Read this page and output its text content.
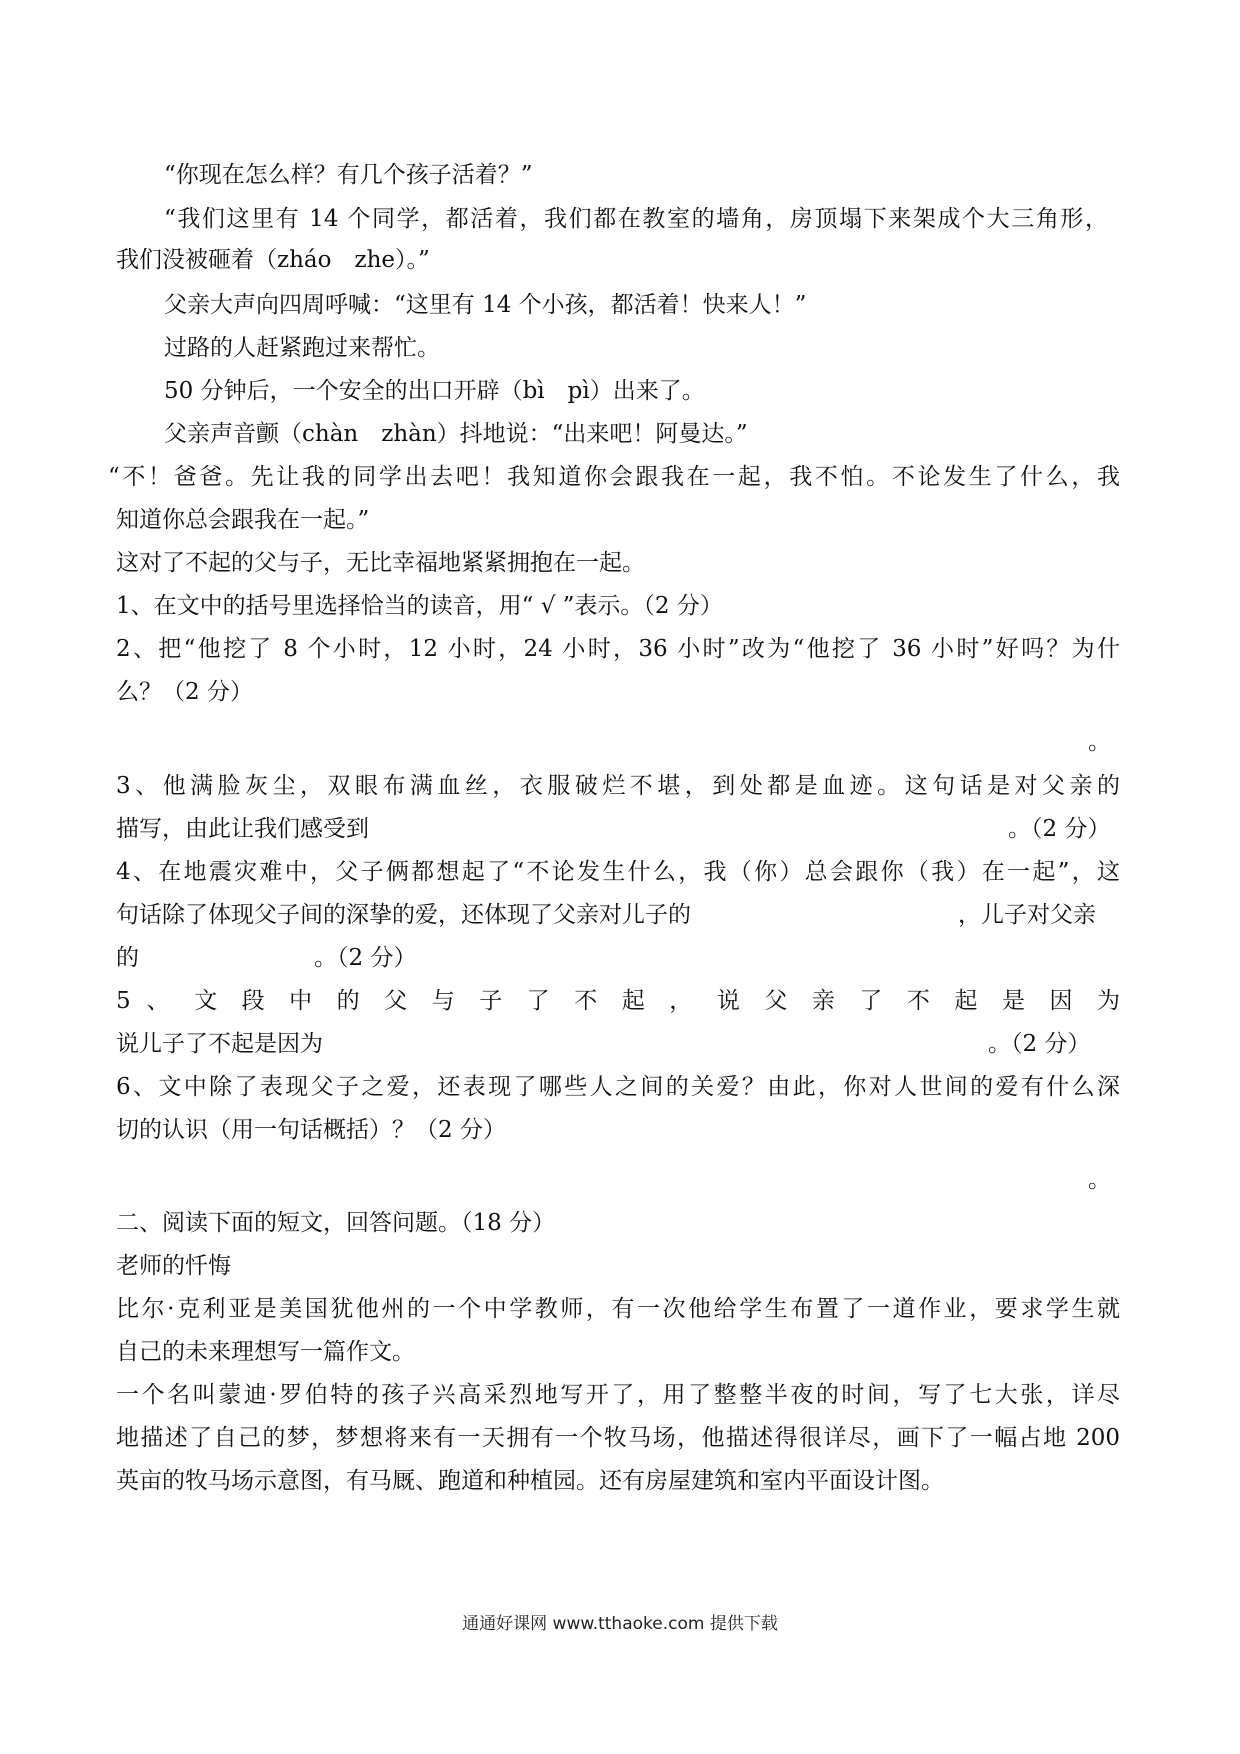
“你现在怎么样？有几个孩子活着？”
“我们这里有 14 个同学，都活着，我们都在教室的墙角，房顶塌下来架成个大三角形，
我们没被砸着（zháo　zhe）。”
父亲大声向四周呼喊：“这里有 14 个小孩，都活着！快来人！”
过路的人赶紧跑过来帮忙。
50 分钟后，一个安全的出口开辟（bì　pì）出来了。
父亲声音颤（chàn　zhàn）抖地说：“出来吧！阿曼达。”
“不！爸爸。先让我的同学出去吧！我知道你会跟我在一起，我不怕。不论发生了什么，我
知道你总会跟我在一起。”
这对了不起的父与子，无比幸福地紧紧拥抱在一起。
1、在文中的括号里选择恰当的读音，用“ √ ”表示。（2 分）
2、把“他挖了 8 个小时，12 小时，24 小时，36 小时”改为“他挖了 36 小时”好吗？为什
么？（2 分）
。
3、他满脸灰尘，双眼布满血丝，衣服破烂不堪，到处都是血迹。这句话是对父亲的
描写，由此让我们感受到	。（2 分）
4、在地震灾难中，父子俩都想起了“不论发生什么，我（你）总会跟你（我）在一起”，这
句话除了体现父子间的深挚的爱，还体现了父亲对儿子的	，儿子对父亲
的	。（2 分）
5 、 文 段 中 的 父 与 子 了 不 起 ， 说 父 亲 了 不 起 是 因 为
说儿子了不起是因为	。（2 分）
6、文中除了表现父子之爱，还表现了哪些人之间的关爱？由此，你对人世间的爱有什么深
切的认识（用一句话概括）？（2 分）
。
二、阅读下面的短文，回答问题。（18 分）
老师的忏悔
比尔·克利亚是美国犹他州的一个中学教师，有一次他给学生布置了一道作业，要求学生就
自己的未来理想写一篇作文。
一个名叫蒙迪·罗伯特的孩子兴高采烈地写开了，用了整整半夜的时间，写了七大张，详尽
地描述了自己的梦，梦想将来有一天拥有一个牧马场，他描述得很详尽，画下了一幅占地 200
英亩的牧马场示意图，有马厩、跑道和种植园。还有房屋建筑和室内平面设计图。
通通好课网 www.tthaoke.com 提供下载
